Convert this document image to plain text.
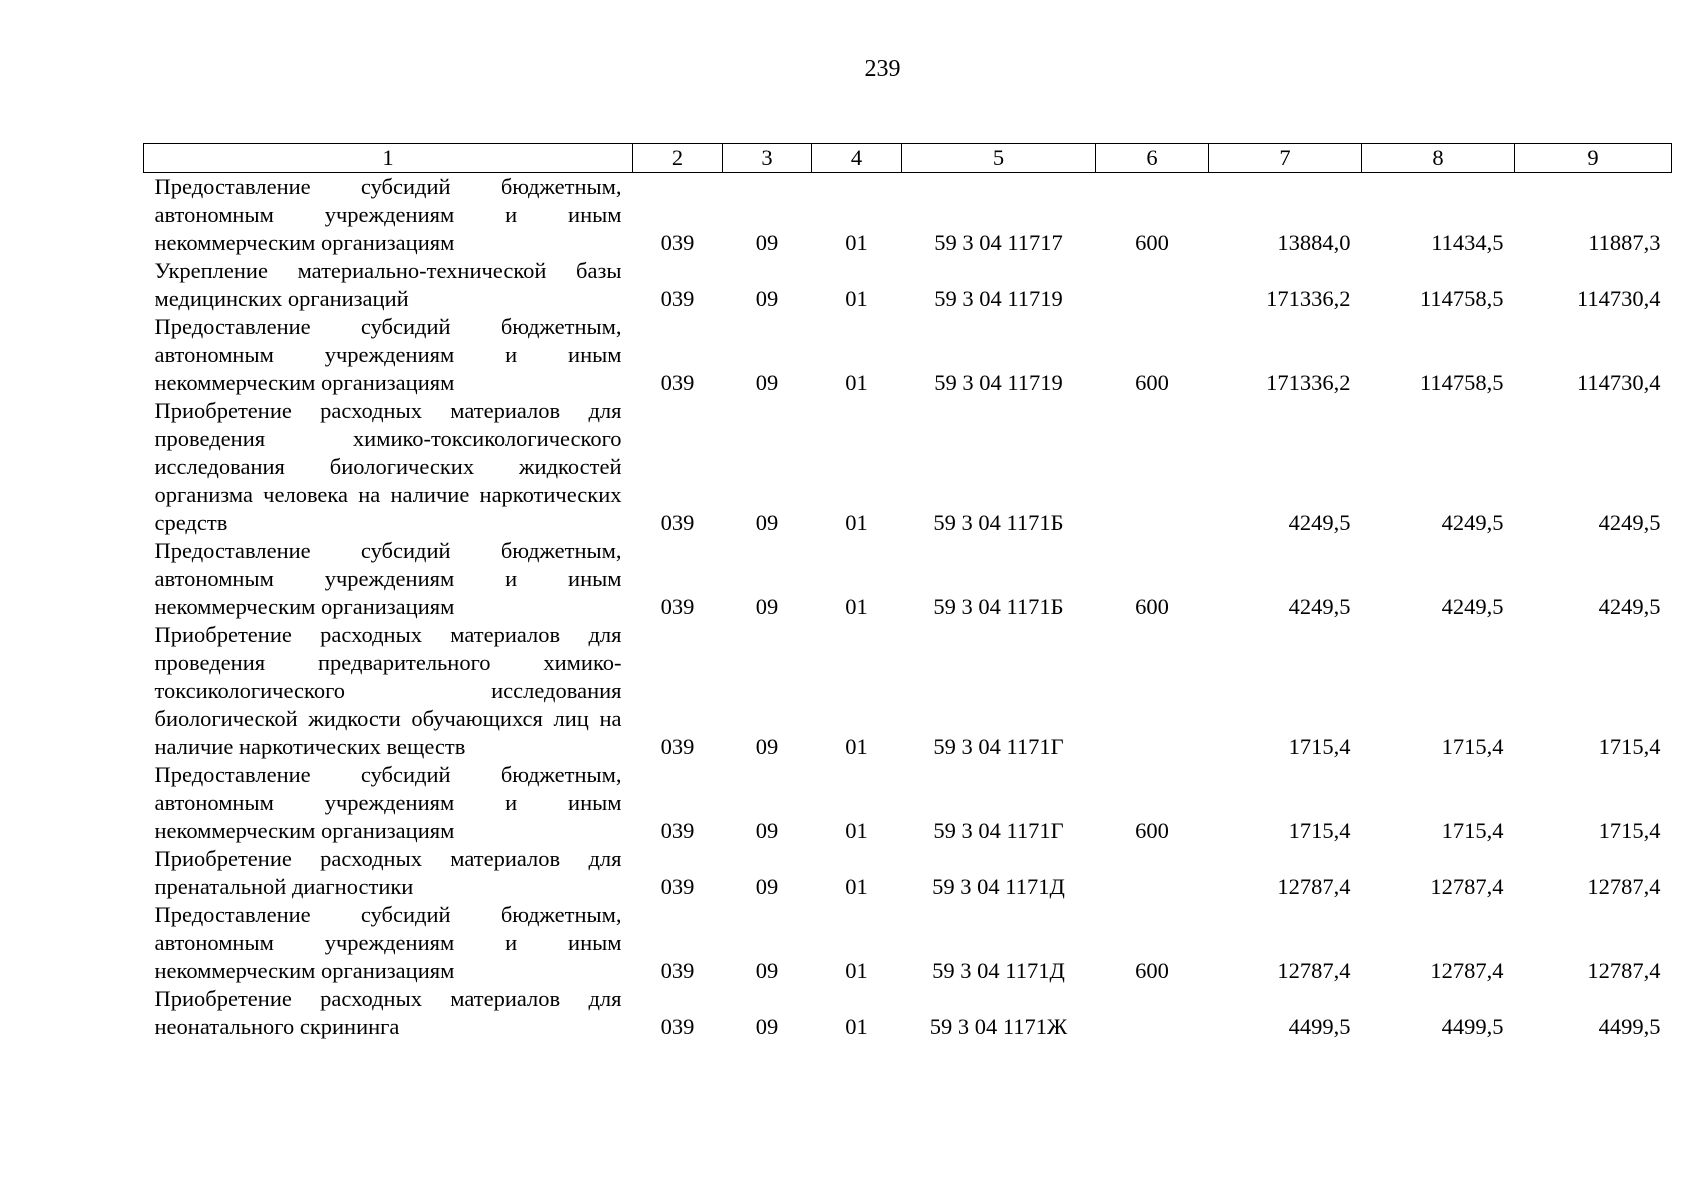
239
1	2	3	4	5	6	7	8	9
Предоставление субсидий бюджетным, автономным учреждениям и иным некоммерческим организациям	039	09	01	59 3 04 11717	600	13884,0	11434,5	11887,3
Укрепление материально-технической базы медицинских организаций	039	09	01	59 3 04 11719		171336,2	114758,5	114730,4
Предоставление субсидий бюджетным, автономным учреждениям и иным некоммерческим организациям	039	09	01	59 3 04 11719	600	171336,2	114758,5	114730,4
Приобретение расходных материалов для проведения химико-токсикологического исследования биологических жидкостей организма человека на наличие наркотических средств	039	09	01	59 3 04 1171Б		4249,5	4249,5	4249,5
Предоставление субсидий бюджетным, автономным учреждениям и иным некоммерческим организациям	039	09	01	59 3 04 1171Б	600	4249,5	4249,5	4249,5
Приобретение расходных материалов для проведения предварительного химико-токсикологического исследования биологической жидкости обучающихся лиц на наличие наркотических веществ	039	09	01	59 3 04 1171Г		1715,4	1715,4	1715,4
Предоставление субсидий бюджетным, автономным учреждениям и иным некоммерческим организациям	039	09	01	59 3 04 1171Г	600	1715,4	1715,4	1715,4
Приобретение расходных материалов для пренатальной диагностики	039	09	01	59 3 04 1171Д		12787,4	12787,4	12787,4
Предоставление субсидий бюджетным, автономным учреждениям и иным некоммерческим организациям	039	09	01	59 3 04 1171Д	600	12787,4	12787,4	12787,4
Приобретение расходных материалов для неонатального скрининга	039	09	01	59 3 04 1171Ж		4499,5	4499,5	4499,5
